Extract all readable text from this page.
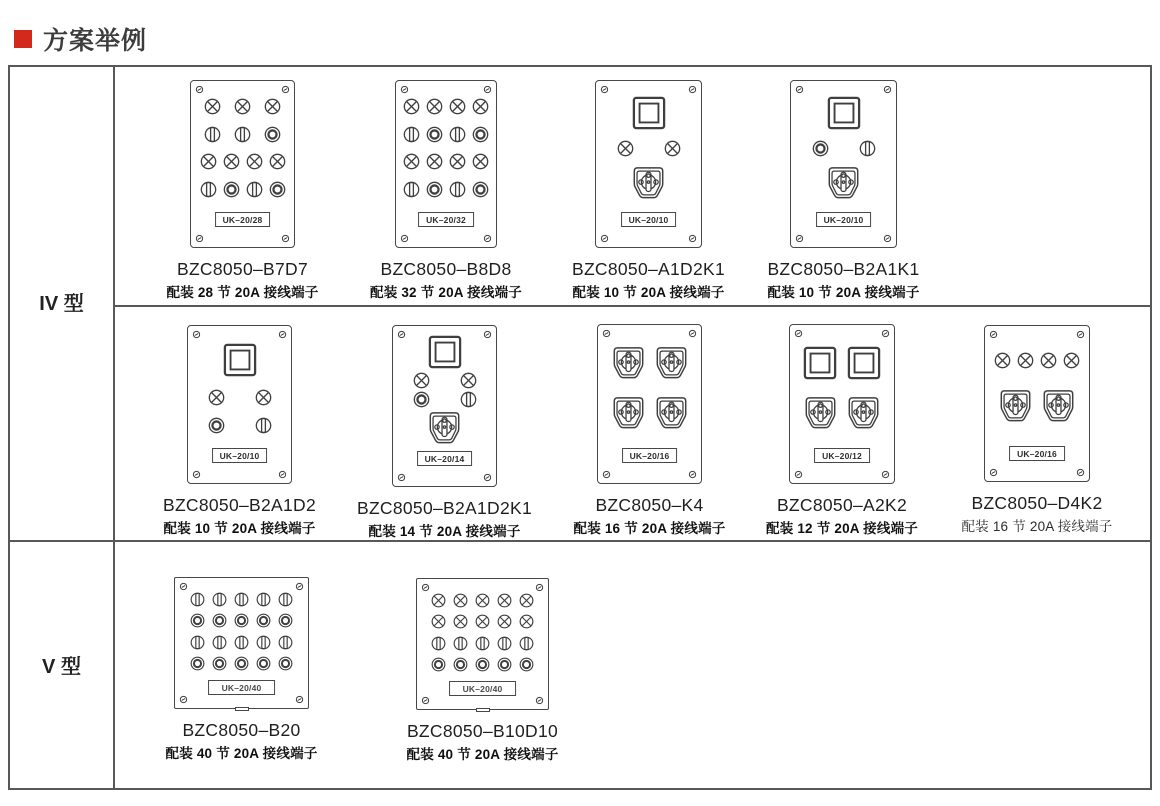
方案举例
IV 型
V 型
UK–20/28
BZC8050–B7D7
配装 28 节 20A 接线端子
UK–20/32
BZC8050–B8D8
配装 32 节 20A 接线端子
UK–20/10
BZC8050–A1D2K1
配装 10 节 20A 接线端子
UK–20/10
BZC8050–B2A1K1
配装 10 节 20A 接线端子
UK–20/10
BZC8050–B2A1D2
配装 10 节 20A 接线端子
UK–20/14
BZC8050–B2A1D2K1
配装 14 节 20A 接线端子
UK–20/16
BZC8050–K4
配装 16 节 20A 接线端子
UK–20/12
BZC8050–A2K2
配装 12 节 20A 接线端子
UK–20/16
BZC8050–D4K2
配装 16 节 20A 接线端子
UK–20/40
BZC8050–B20
配装 40 节 20A 接线端子
UK–20/40
BZC8050–B10D10
配装 40 节 20A 接线端子
